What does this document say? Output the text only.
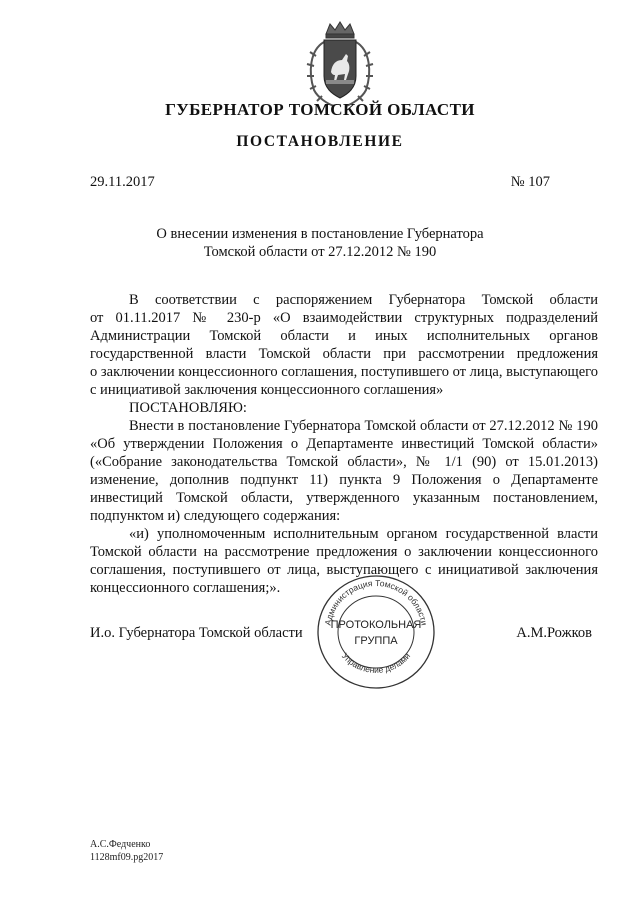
ГУБЕРНАТОР ТОМСКОЙ ОБЛАСТИ
ПОСТАНОВЛЕНИЕ
29.11.2017	№ 107
О внесении изменения в постановление Губернатора
Томской области от 27.12.2012 № 190
В соответствии с распоряжением Губернатора Томской области
от 01.11.2017 № 230-р «О взаимодействии структурных подразделений
Администрации Томской области и иных исполнительных органов
государственной власти Томской области при рассмотрении предложения
о заключении концессионного соглашения, поступившего от лица, выступающего
с инициативой заключения концессионного соглашения»
ПОСТАНОВЛЯЮ:
Внести в постановление Губернатора Томской области от 27.12.2012 № 190
«Об утверждении Положения о Департаменте инвестиций Томской области»
(«Собрание законодательства Томской области», № 1/1 (90) от 15.01.2013)
изменение, дополнив подпункт 11) пункта 9 Положения о Департаменте
инвестиций Томской области, утвержденного указанным постановлением,
подпунктом и) следующего содержания:
«и) уполномоченным исполнительным органом государственной власти
Томской области на рассмотрение предложения о заключении концессионного
соглашения, поступившего от лица, выступающего с инициативой заключения
концессионного соглашения;».
Администрация Томской области
Управление делами
ПРОТОКОЛЬНАЯ
ГРУППА
И.о. Губернатора Томской области	А.М.Рожков
А.С.Федченко
1128mf09.pg2017
